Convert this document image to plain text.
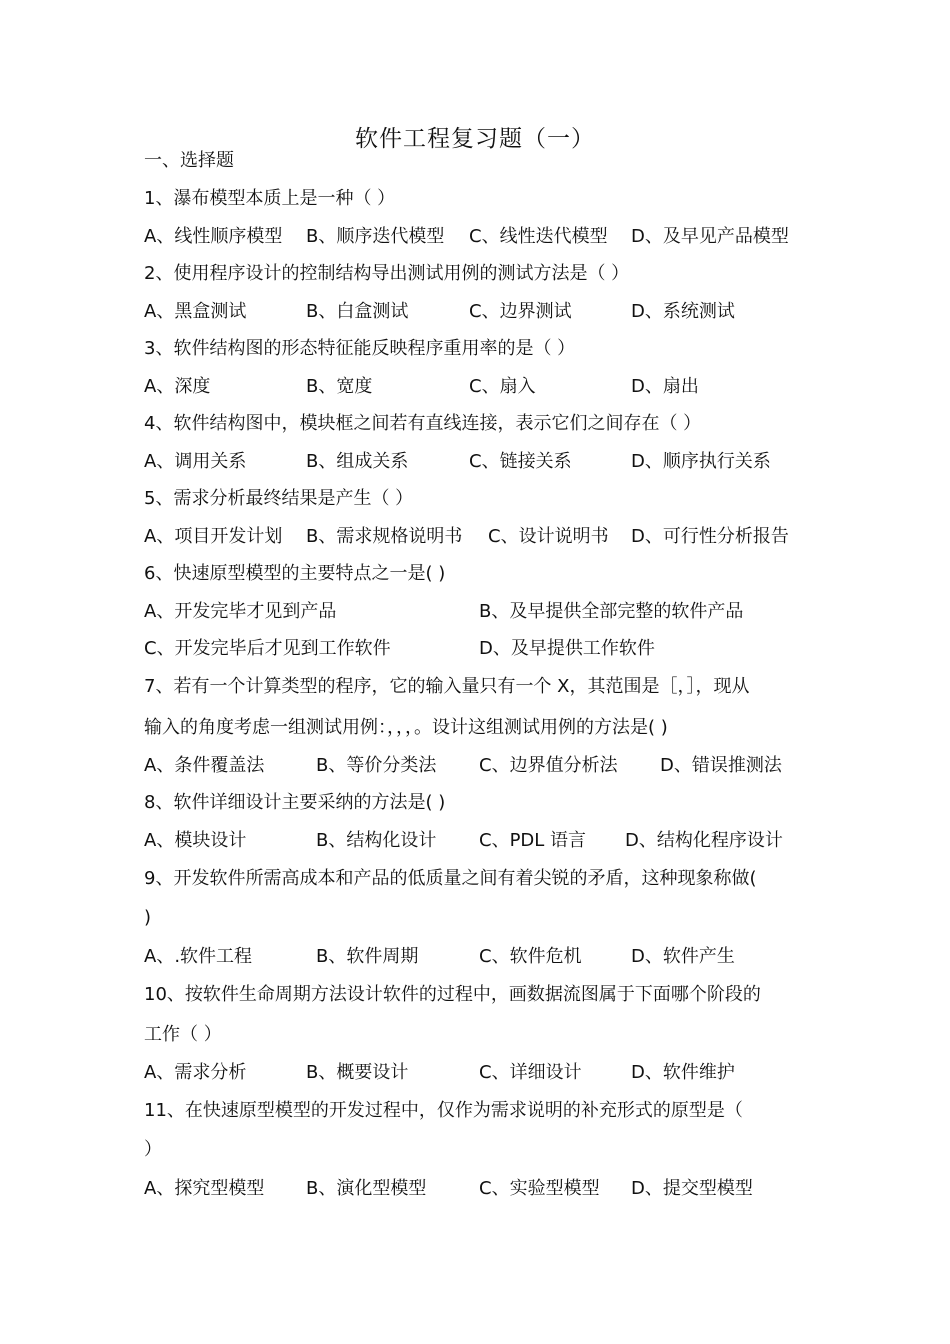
软件工程复习题（一）
一、选择题
1、瀑布模型本质上是一种（ ）
A、线性顺序模型 B、顺序迭代模型 C、线性迭代模型 D、及早见产品模型
2、使用程序设计的控制结构导出测试用例的测试方法是（ ）
A、黑盒测试	B、白盒测试	C、边界测试	D、系统测试
3、软件结构图的形态特征能反映程序重用率的是（ ）
A、深度	B、宽度	C、扇入	D、扇出
4、软件结构图中，模块框之间若有直线连接，表示它们之间存在（ ）
A、调用关系	B、组成关系	C、链接关系	D、顺序执行关系
5、需求分析最终结果是产生（ ）
A、项目开发计划 B、需求规格说明书 C、设计说明书 D、可行性分析报告
6、快速原型模型的主要特点之一是( )
A、开发完毕才见到产品	B、及早提供全部完整的软件产品
C、开发完毕后才见到工作软件	D、及早提供工作软件
7、若有一个计算类型的程序，它的输入量只有一个 X，其范围是［，］，现从
输入的角度考虑一组测试用例：，，，。设计这组测试用例的方法是( )
A、条件覆盖法	B、等价分类法 C、边界值分析法 D、错误推测法
8、软件详细设计主要采纳的方法是( )
A、模块设计	B、结构化设计 C、PDL 语言 D、结构化程序设计
9、开发软件所需高成本和产品的低质量之间有着尖锐的矛盾，这种现象称做(
)
A、.软件工程	B、软件周期	C、软件危机	D、软件产生
10、按软件生命周期方法设计软件的过程中，画数据流图属于下面哪个阶段的
工作（ ）
A、需求分析	B、概要设计	C、详细设计	D、软件维护
11、在快速原型模型的开发过程中，仅作为需求说明的补充形式的原型是（
）
A、探究型模型 B、演化型模型	C、实验型模型 D、提交型模型
